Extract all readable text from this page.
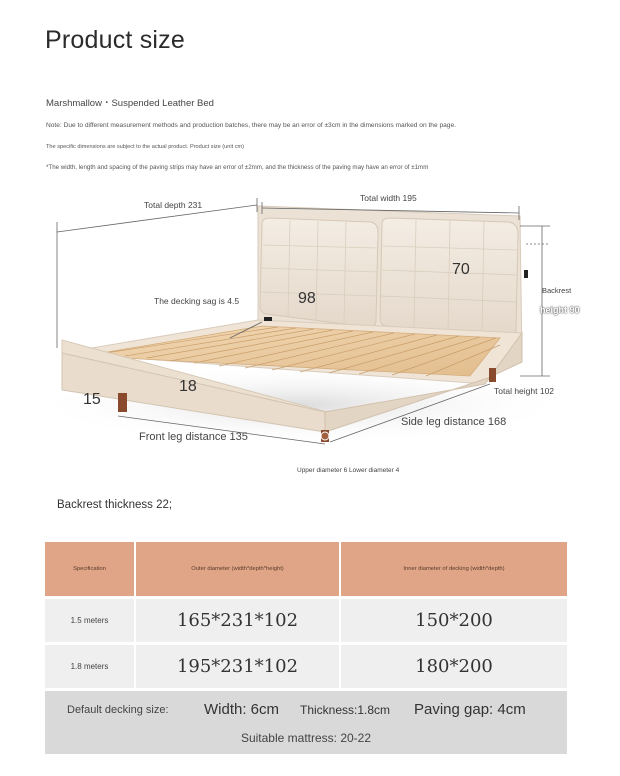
Product size
Marshmallow・Suspended Leather Bed
Note: Due to different measurement methods and production batches, there may be an error of ±3cm in the dimensions marked on the page.
The specific dimensions are subject to the actual product. Product size (unit cm)
*The width, length and spacing of the paving strips may have an error of ±2mm, and the thickness of the paving may have an error of ±1mm
Total depth 231
Total width 195
Backrest
height 90
70
98
The decking sag is 4.5
Total height 102
18
15
Front leg distance 135
Side leg distance 168
Upper diameter 6 Lower diameter 4
Backrest thickness 22;
Specification	Outer diameter (width*depth*height)	Inner diameter of decking (width*depth)
1.5 meters	165*231*102	150*200
1.8 meters	195*231*102	180*200
Default decking size: Width: 6cm Thickness:1.8cm Paving gap: 4cm
Suitable mattress: 20-22
